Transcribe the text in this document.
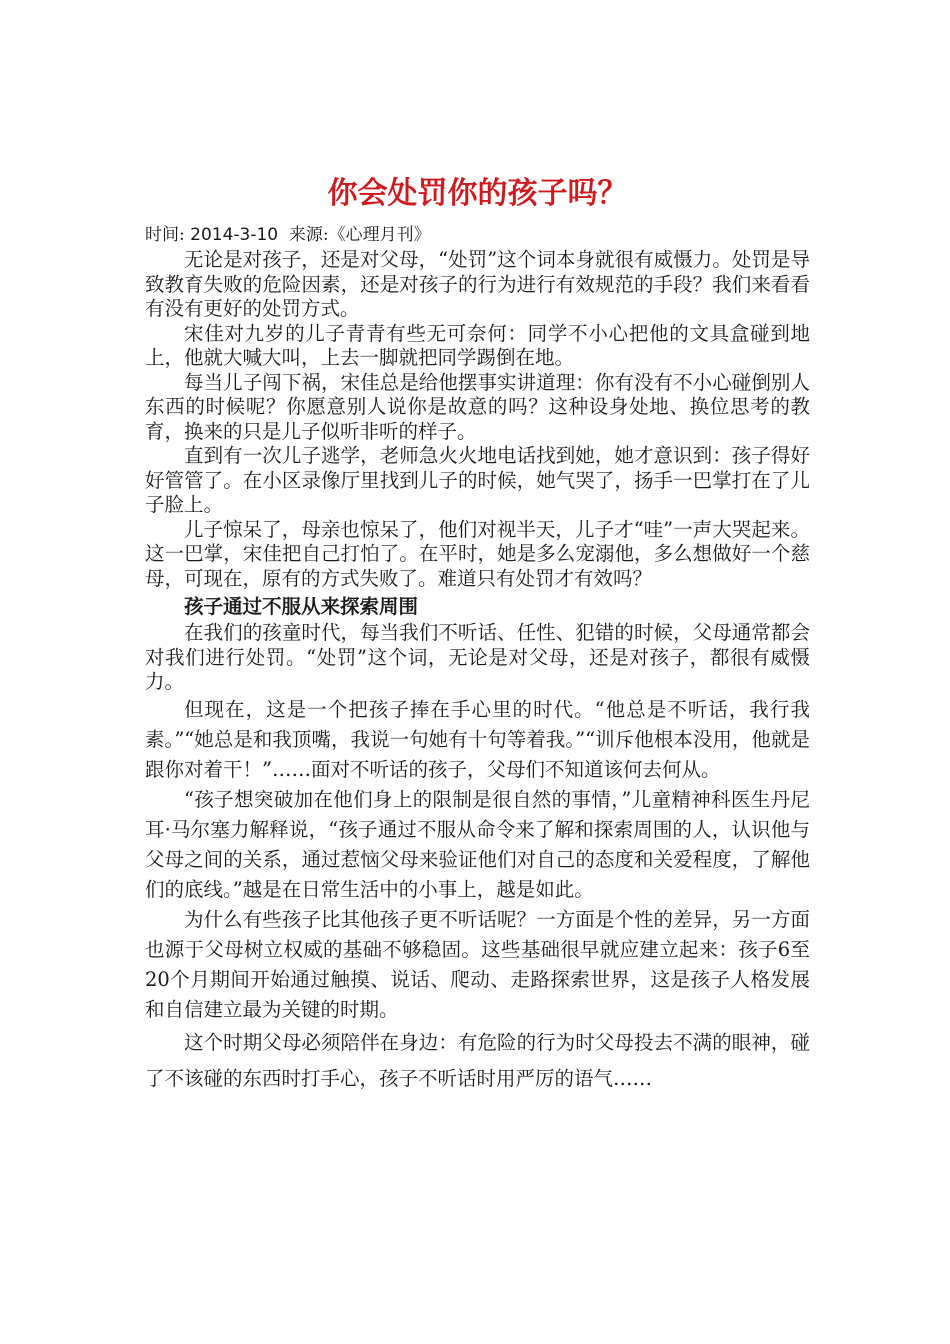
你会处罚你的孩子吗？
时间: 2014-3-10  来源:《心理月刊》

无论是对孩子，还是对父母，“处罚”这个词本身就很有威慑力。处罚是导致教育失败的危险因素，还是对孩子的行为进行有效规范的手段？我们来看看有没有更好的处罚方式。

宋佳对九岁的儿子青青有些无可奈何：同学不小心把他的文具盒碰到地上，他就大喊大叫，上去一脚就把同学踢倒在地。

每当儿子闯下祸，宋佳总是给他摆事实讲道理：你有没有不小心碰倒别人东西的时候呢？你愿意别人说你是故意的吗？这种设身处地、换位思考的教育，换来的只是儿子似听非听的样子。

直到有一次儿子逃学，老师急火火地电话找到她，她才意识到：孩子得好好管管了。在小区录像厅里找到儿子的时候，她气哭了，扬手一巴掌打在了儿子脸上。

儿子惊呆了，母亲也惊呆了，他们对视半天，儿子才“哇”一声大哭起来。这一巴掌，宋佳把自己打怕了。在平时，她是多么宠溺他，多么想做好一个慈母，可现在，原有的方式失败了。难道只有处罚才有效吗？

孩子通过不服从来探索周围

在我们的孩童时代，每当我们不听话、任性、犯错的时候，父母通常都会对我们进行处罚。“处罚”这个词，无论是对父母，还是对孩子，都很有威慑力。

但现在，这是一个把孩子捧在手心里的时代。“他总是不听话，我行我素。”“她总是和我顶嘴，我说一句她有十句等着我。”“训斥他根本没用，他就是跟你对着干！”……面对不听话的孩子，父母们不知道该何去何从。

“孩子想突破加在他们身上的限制是很自然的事情，”儿童精神科医生丹尼耳·马尔塞力解释说，“孩子通过不服从命令来了解和探索周围的人，认识他与父母之间的关系，通过惹恼父母来验证他们对自己的态度和关爱程度，了解他们的底线。”越是在日常生活中的小事上，越是如此。

为什么有些孩子比其他孩子更不听话呢？一方面是个性的差异，另一方面也源于父母树立权威的基础不够稳固。这些基础很早就应建立起来：孩子6至20个月期间开始通过触摸、说话、爬动、走路探索世界，这是孩子人格发展和自信建立最为关键的时期。

这个时期父母必须陪伴在身边：有危险的行为时父母投去不满的眼神，碰了不该碰的东西时打手心，孩子不听话时用严厉的语气……
